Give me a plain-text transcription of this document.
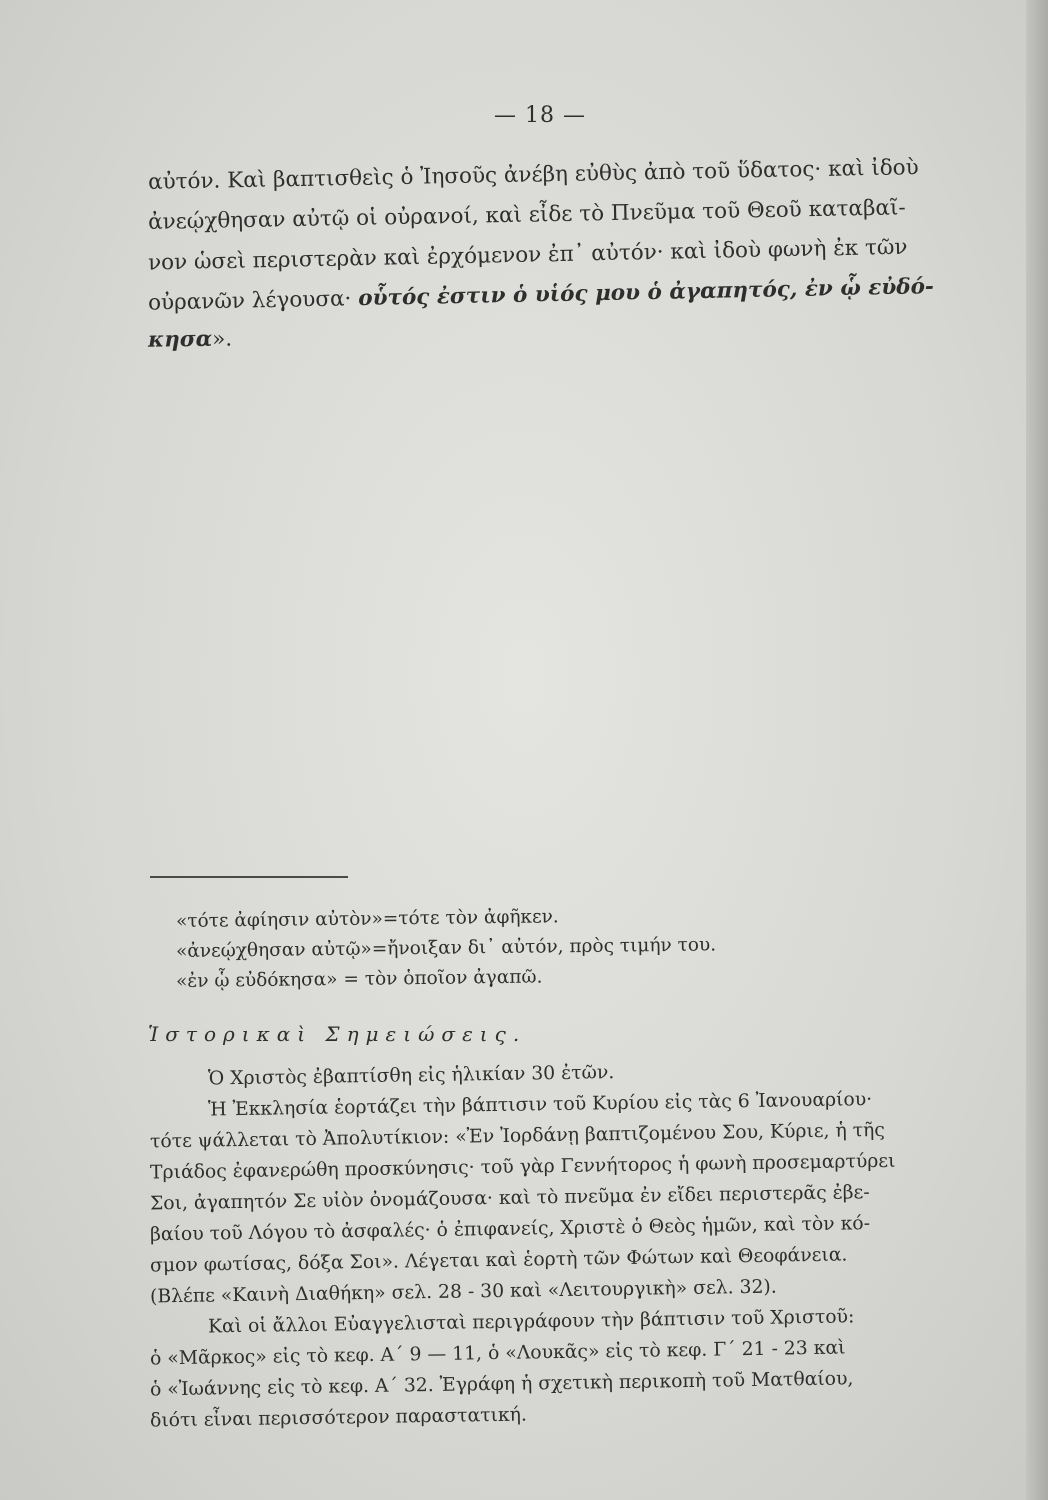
— 18 —
αὐτόν. Καὶ βαπτισθεὶς ὁ Ἰησοῦς ἀνέβη εὐθὺς ἀπὸ τοῦ ὕδατος· καὶ ἰδοὺ
ἀνεῴχθησαν αὐτῷ οἱ οὐρανοί, καὶ εἶδε τὸ Πνεῦμα τοῦ Θεοῦ καταβαῖ-
νον ὡσεὶ περιστερὰν καὶ ἐρχόμενον ἐπ᾽ αὐτόν· καὶ ἰδοὺ φωνὴ ἐκ τῶν
οὐρανῶν λέγουσα· οὗτός ἐστιν ὁ υἱός μου ὁ ἀγαπητός, ἐν ᾧ εὐδό-
κησα».
«τότε ἀφίησιν αὐτὸν»=τότε τὸν ἀφῆκεν.
«ἀνεῴχθησαν αὐτῷ»=ἤνοιξαν δι᾽ αὐτόν, πρὸς τιμήν του.
«ἐν ᾧ εὐδόκησα» = τὸν ὁποῖον ἀγαπῶ.
Ἱστορικαὶ Σημειώσεις.
Ὁ Χριστὸς ἐβαπτίσθη εἰς ἡλικίαν 30 ἐτῶν.
Ἡ Ἐκκλησία ἑορτάζει τὴν βάπτισιν τοῦ Κυρίου εἰς τὰς 6 Ἰανουαρίου·
τότε ψάλλεται τὸ Ἀπολυτίκιον: «Ἐν Ἰορδάνῃ βαπτιζομένου Σου, Κύριε, ἡ τῆς
Τριάδος ἐφανερώθη προσκύνησις· τοῦ γὰρ Γεννήτορος ἡ φωνὴ προσεμαρτύρει
Σοι, ἀγαπητόν Σε υἱὸν ὀνομάζουσα· καὶ τὸ πνεῦμα ἐν εἴδει περιστερᾶς ἐβε-
βαίου τοῦ Λόγου τὸ ἀσφαλές· ὁ ἐπιφανείς, Χριστὲ ὁ Θεὸς ἡμῶν, καὶ τὸν κό-
σμον φωτίσας, δόξα Σοι». Λέγεται καὶ ἑορτὴ τῶν Φώτων καὶ Θεοφάνεια.
(Βλέπε «Καινὴ Διαθήκη» σελ. 28 - 30 καὶ «Λειτουργικὴ» σελ. 32).
Καὶ οἱ ἄλλοι Εὐαγγελισταὶ περιγράφουν τὴν βάπτισιν τοῦ Χριστοῦ:
ὁ «Μᾶρκος» εἰς τὸ κεφ. Α´ 9 — 11, ὁ «Λουκᾶς» εἰς τὸ κεφ. Γ´ 21 - 23 καὶ
ὁ «Ἰωάννης εἰς τὸ κεφ. Α´ 32. Ἐγράφη ἡ σχετικὴ περικοπὴ τοῦ Ματθαίου,
διότι εἶναι περισσότερον παραστατική.
